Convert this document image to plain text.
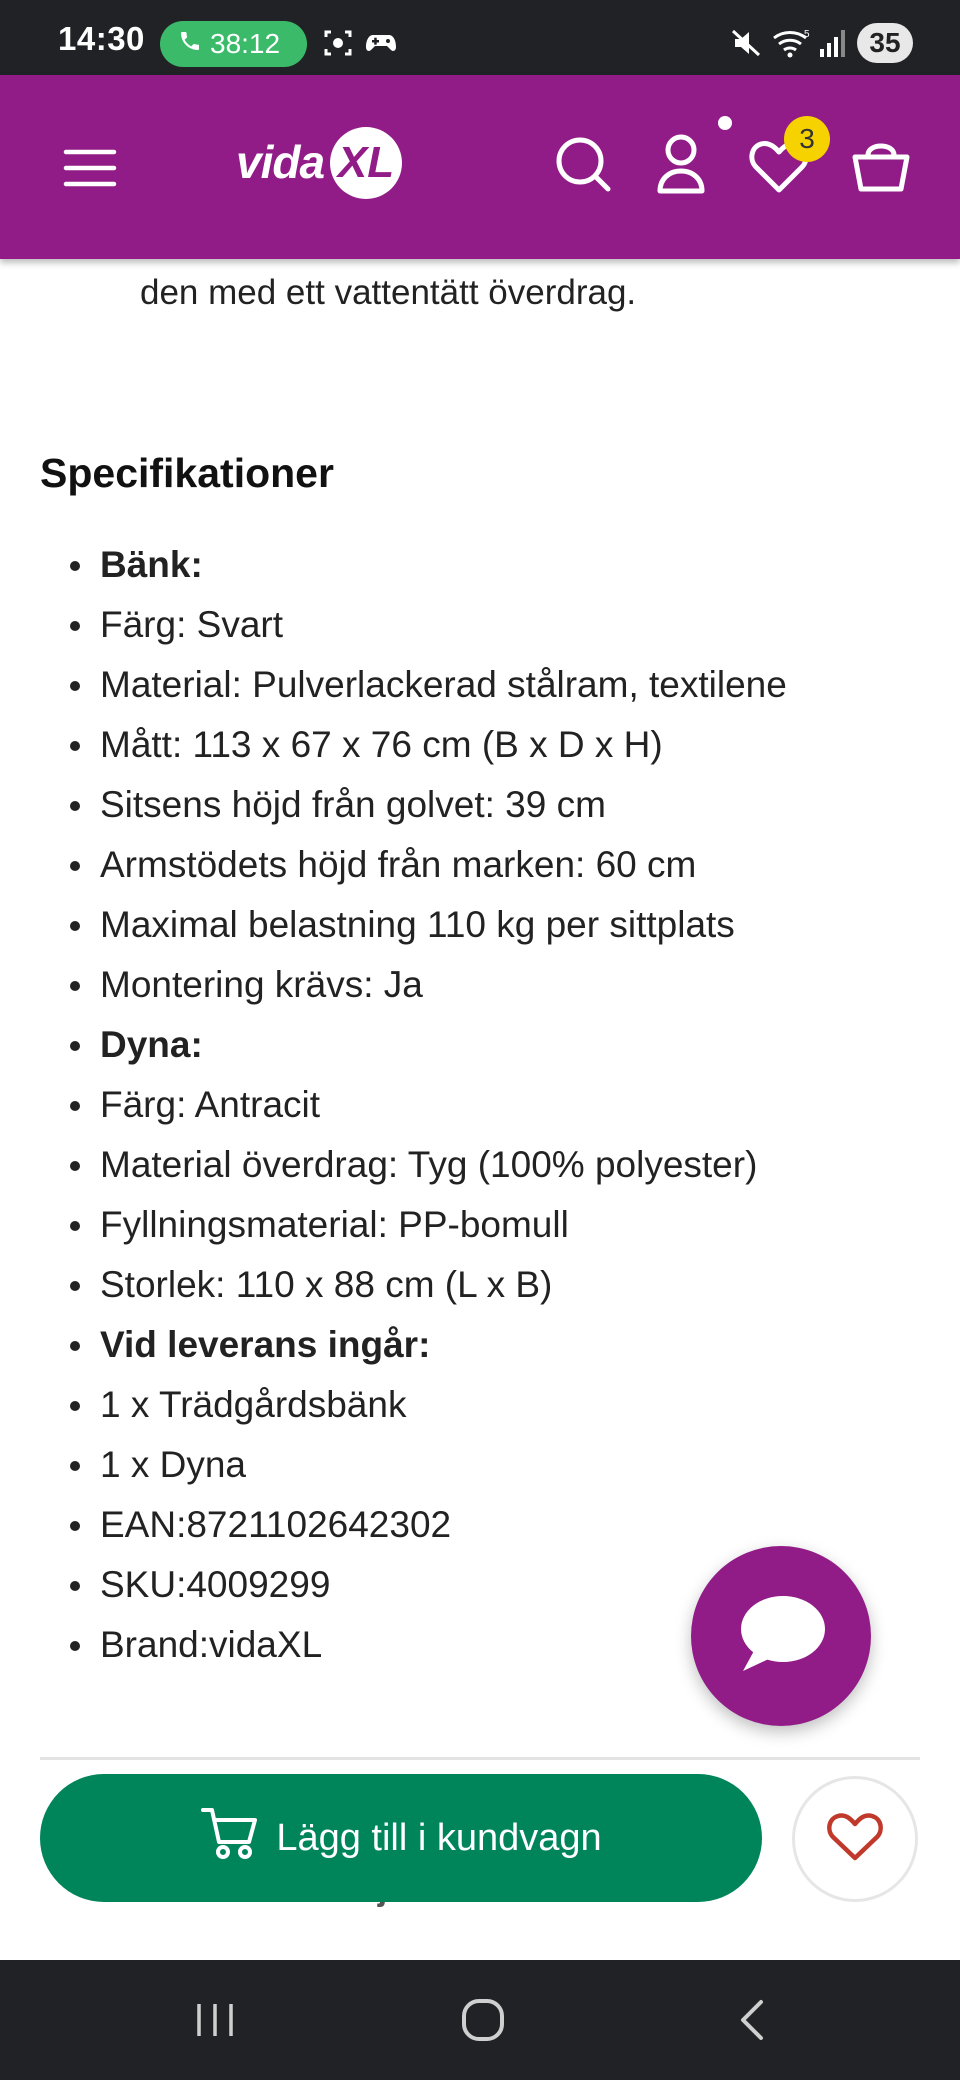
14:30 38:12	5	35
vida XL	3

den med ett vattentätt överdrag.

Specifikationer
Bänk:
Färg: Svart
Material: Pulverlackerad stålram, textilene
Mått: 113 x 67 x 76 cm (B x D x H)
Sitsens höjd från golvet: 39 cm
Armstödets höjd från marken: 60 cm
Maximal belastning 110 kg per sittplats
Montering krävs: Ja
Dyna:
Färg: Antracit
Material överdrag: Tyg (100% polyester)
Fyllningsmaterial: PP-bomull
Storlek: 110 x 88 cm (L x B)
Vid leverans ingår:
1 x Trädgårdsbänk
1 x Dyna
EAN:8721102642302
SKU:4009299
Brand:vidaXL
Lägg till i kundvagn
